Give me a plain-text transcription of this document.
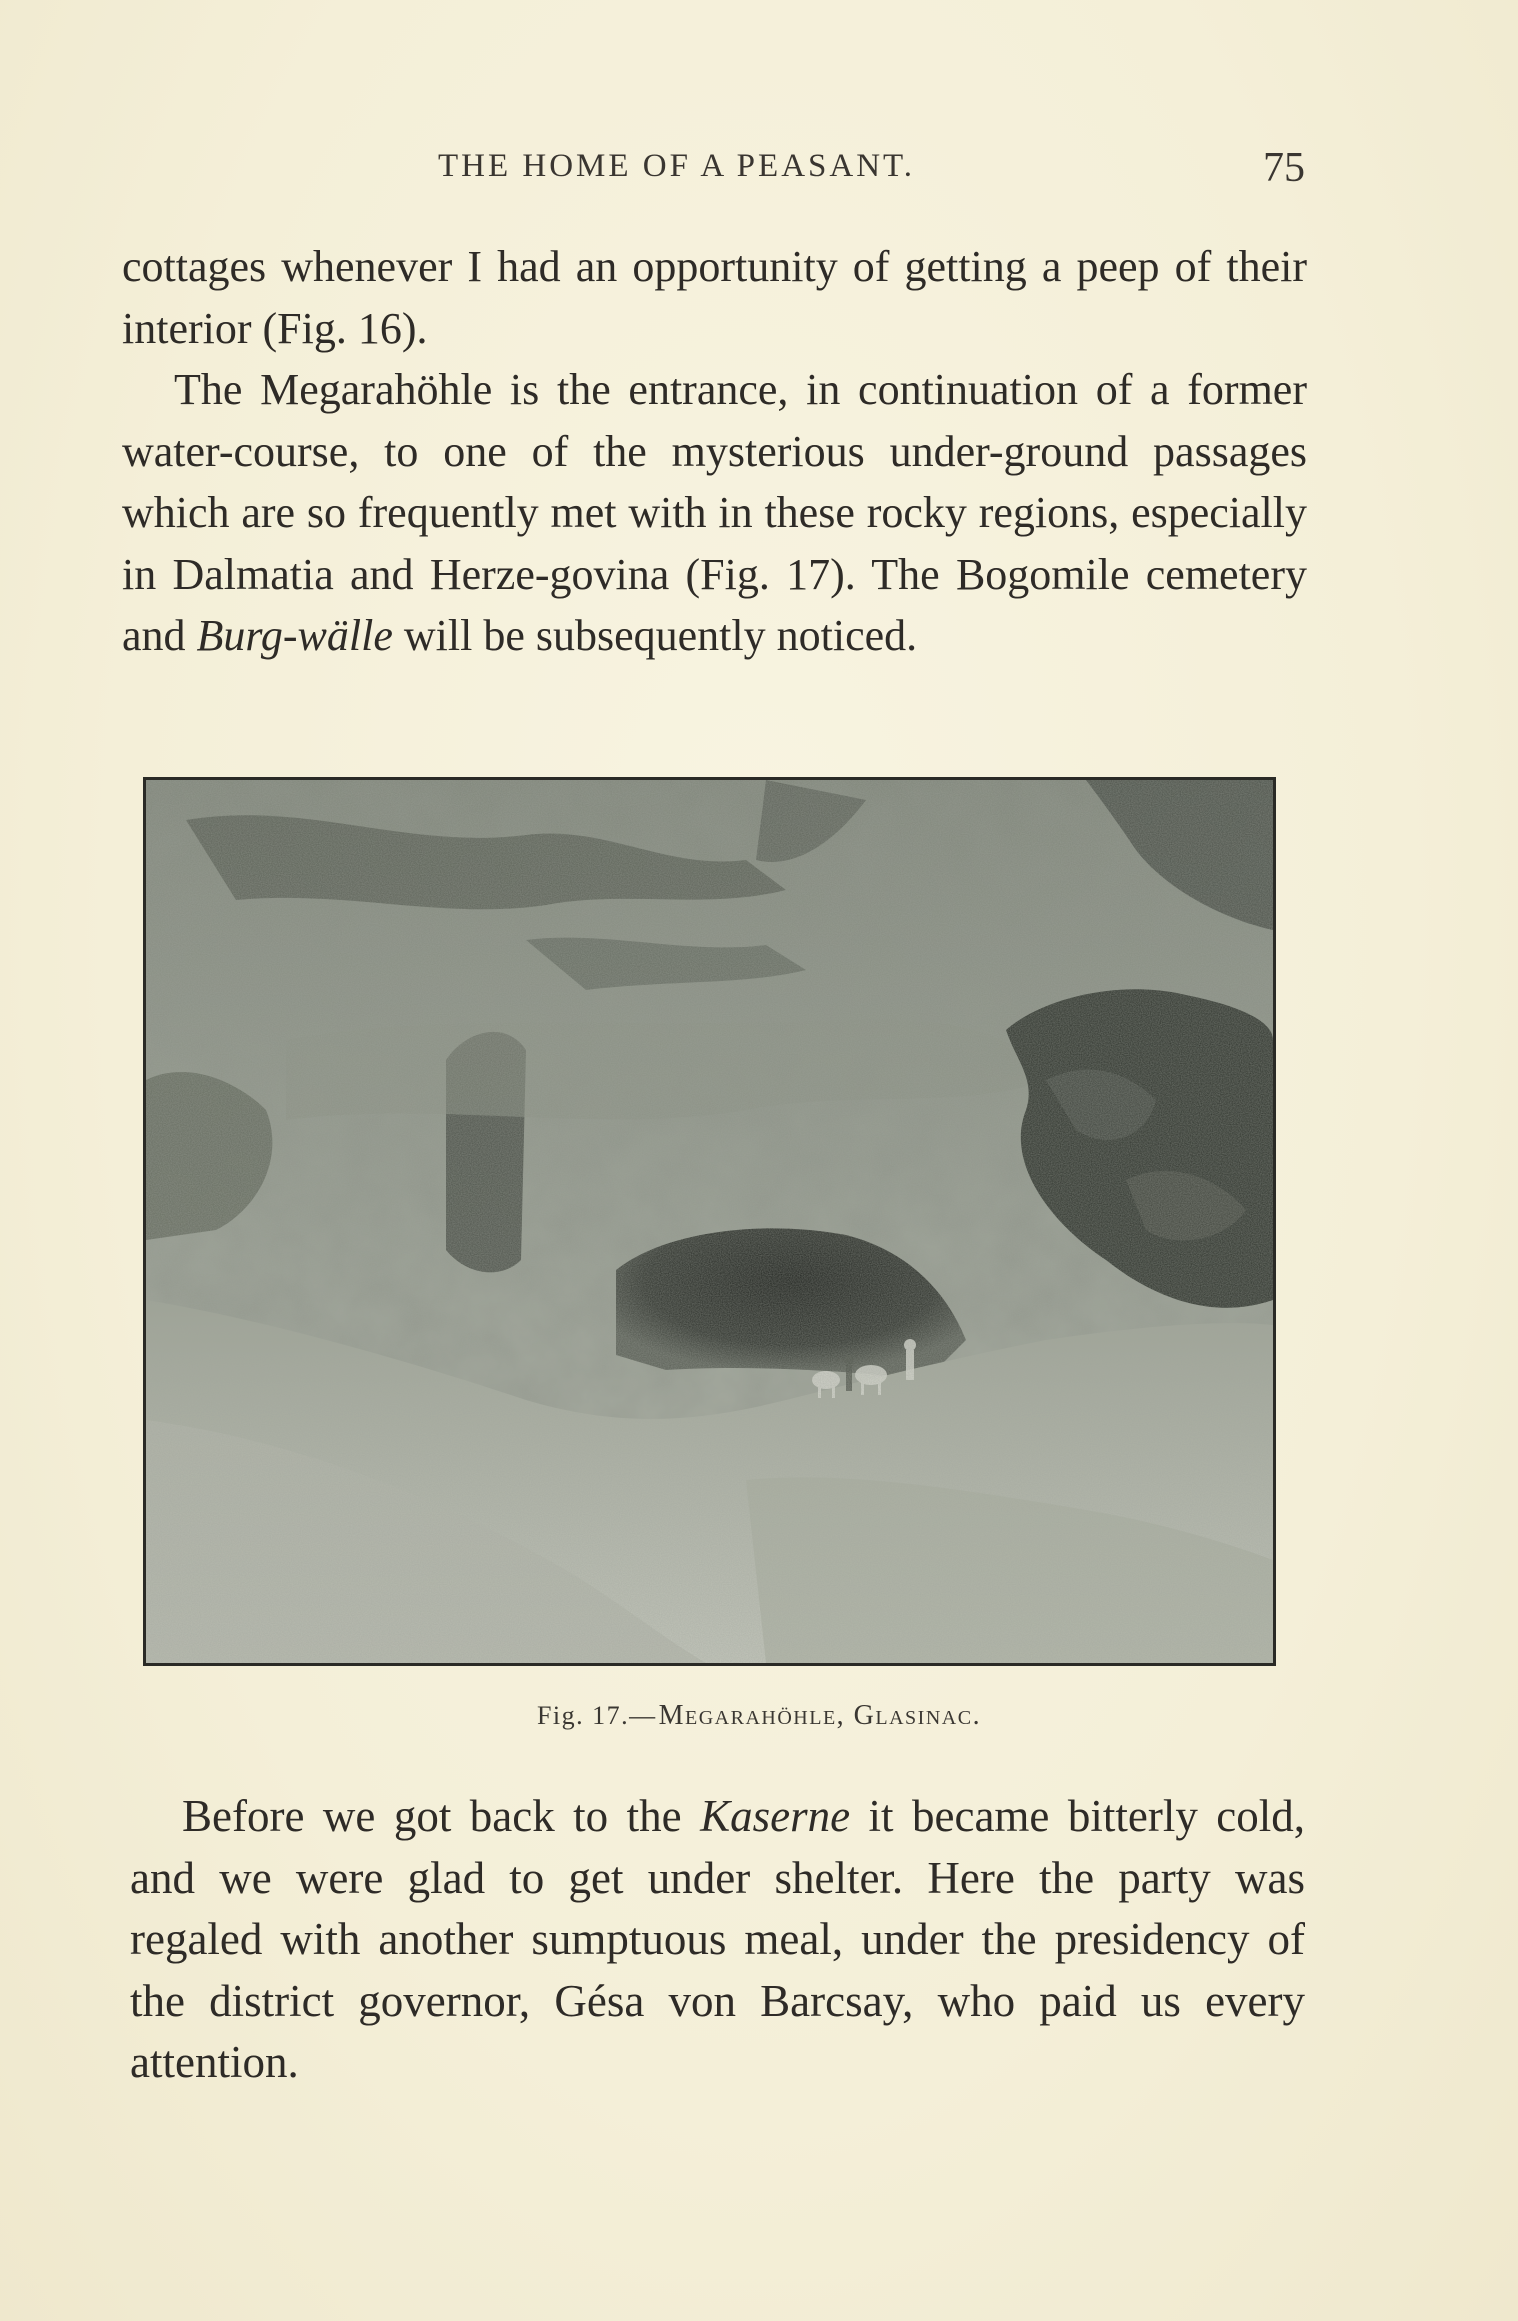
THE HOME OF A PEASANT.	75

cottages whenever I had an opportunity of getting a peep of their interior (Fig. 16).

The Megarahöhle is the entrance, in continuation of a former water-course, to one of the mysterious under-ground passages which are so frequently met with in these rocky regions, especially in Dalmatia and Herze-govina (Fig. 17). The Bogomile cemetery and Burg-wälle will be subsequently noticed.

Fig. 17.—Megarahöhle, Glasinac.

Before we got back to the Kaserne it became bitterly cold, and we were glad to get under shelter. Here the party was regaled with another sumptuous meal, under the presidency of the district governor, Gésa von Barcsay, who paid us every attention.
